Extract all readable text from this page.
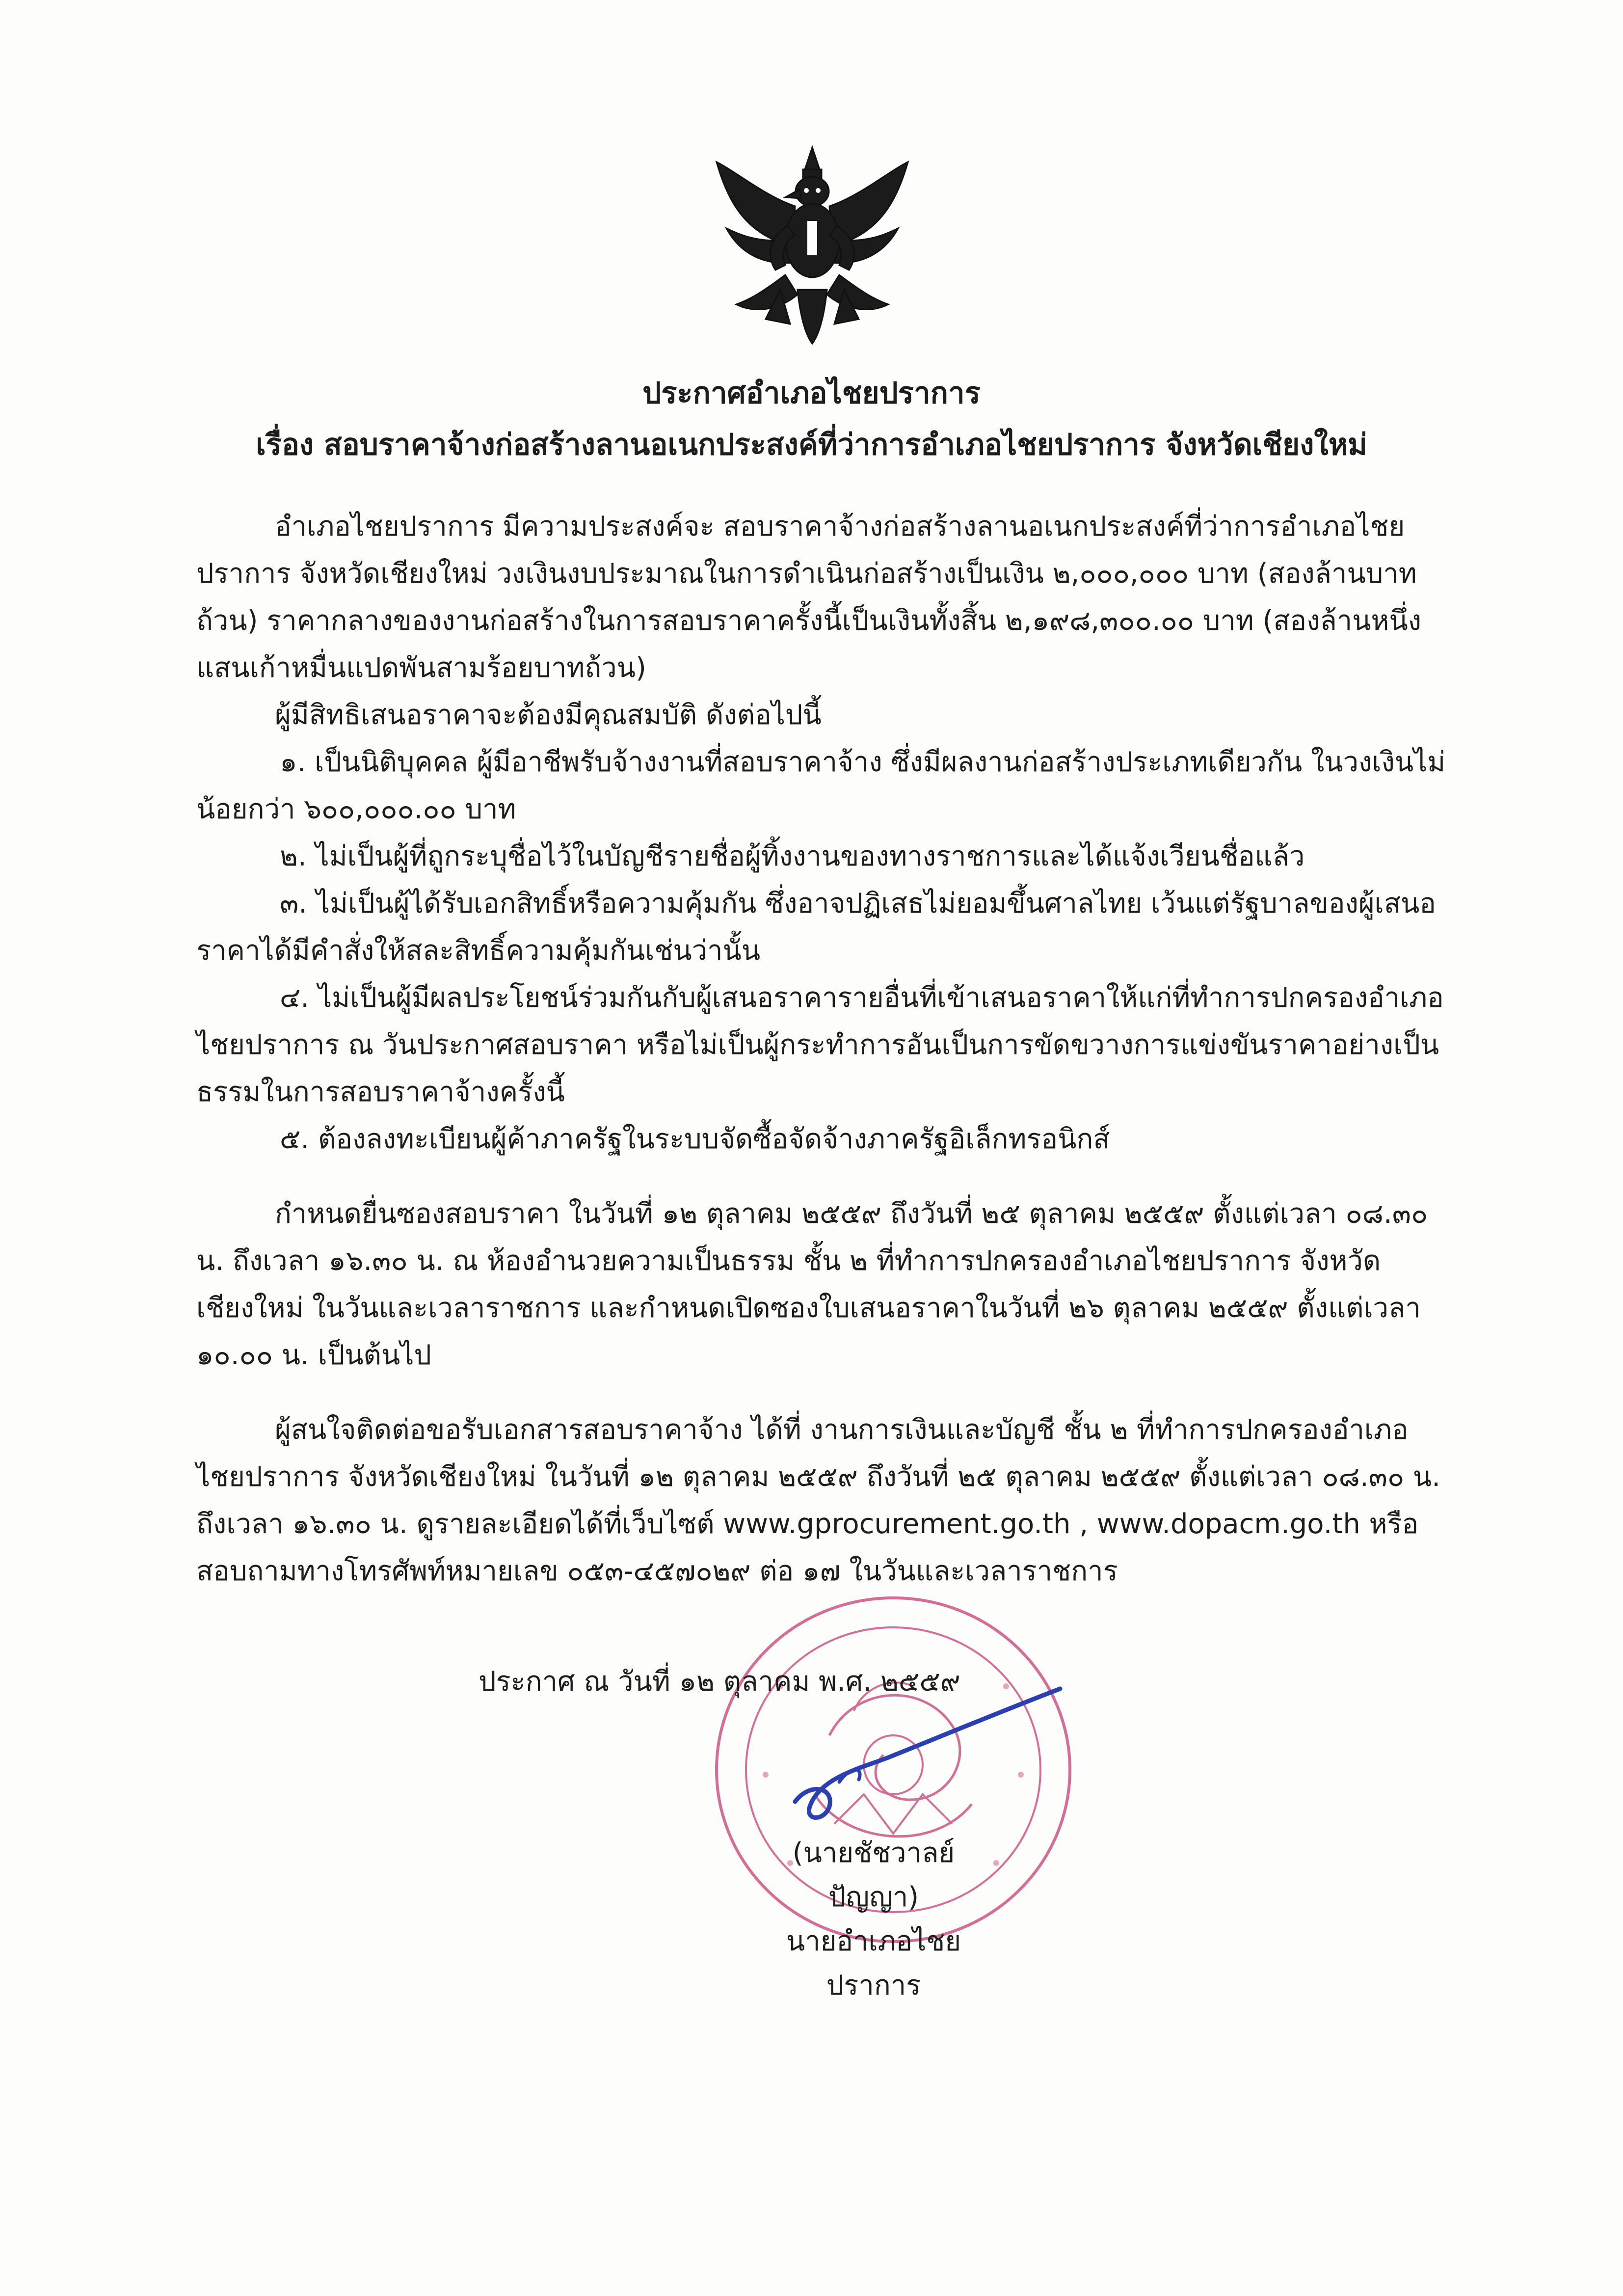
ประกาศอำเภอไชยปราการ
เรื่อง สอบราคาจ้างก่อสร้างลานอเนกประสงค์ที่ว่าการอำเภอไชยปราการ จังหวัดเชียงใหม่

อำเภอไชยปราการ มีความประสงค์จะ สอบราคาจ้างก่อสร้างลานอเนกประสงค์ที่ว่าการอำเภอไชยปราการ จังหวัดเชียงใหม่ วงเงินงบประมาณในการดำเนินก่อสร้างเป็นเงิน ๒,๐๐๐,๐๐๐ บาท (สองล้านบาทถ้วน) ราคากลางของงานก่อสร้างในการสอบราคาครั้งนี้เป็นเงินทั้งสิ้น ๒,๑๙๘,๓๐๐.๐๐ บาท (สองล้านหนึ่งแสนเก้าหมื่นแปดพันสามร้อยบาทถ้วน)

ผู้มีสิทธิเสนอราคาจะต้องมีคุณสมบัติ ดังต่อไปนี้

๑. เป็นนิติบุคคล ผู้มีอาชีพรับจ้างงานที่สอบราคาจ้าง ซึ่งมีผลงานก่อสร้างประเภทเดียวกัน ในวงเงินไม่น้อยกว่า ๖๐๐,๐๐๐.๐๐ บาท

๒. ไม่เป็นผู้ที่ถูกระบุชื่อไว้ในบัญชีรายชื่อผู้ทิ้งงานของทางราชการและได้แจ้งเวียนชื่อแล้ว

๓. ไม่เป็นผู้ได้รับเอกสิทธิ์หรือความคุ้มกัน ซึ่งอาจปฏิเสธไม่ยอมขึ้นศาลไทย เว้นแต่รัฐบาลของผู้เสนอราคาได้มีคำสั่งให้สละสิทธิ์ความคุ้มกันเช่นว่านั้น

๔. ไม่เป็นผู้มีผลประโยชน์ร่วมกันกับผู้เสนอราคารายอื่นที่เข้าเสนอราคาให้แก่ที่ทำการปกครองอำเภอไชยปราการ ณ วันประกาศสอบราคา หรือไม่เป็นผู้กระทำการอันเป็นการขัดขวางการแข่งขันราคาอย่างเป็นธรรมในการสอบราคาจ้างครั้งนี้

๕. ต้องลงทะเบียนผู้ค้าภาครัฐในระบบจัดซื้อจัดจ้างภาครัฐอิเล็กทรอนิกส์

กำหนดยื่นซองสอบราคา ในวันที่ ๑๒ ตุลาคม ๒๕๕๙ ถึงวันที่ ๒๕ ตุลาคม ๒๕๕๙ ตั้งแต่เวลา ๐๘.๓๐ น. ถึงเวลา ๑๖.๓๐ น. ณ ห้องอำนวยความเป็นธรรม ชั้น ๒ ที่ทำการปกครองอำเภอไชยปราการ จังหวัดเชียงใหม่ ในวันและเวลาราชการ และกำหนดเปิดซองใบเสนอราคาในวันที่ ๒๖ ตุลาคม ๒๕๕๙ ตั้งแต่เวลา ๑๐.๐๐ น. เป็นต้นไป

ผู้สนใจติดต่อขอรับเอกสารสอบราคาจ้าง ได้ที่ งานการเงินและบัญชี ชั้น ๒ ที่ทำการปกครองอำเภอไชยปราการ จังหวัดเชียงใหม่ ในวันที่ ๑๒ ตุลาคม ๒๕๕๙ ถึงวันที่ ๒๕ ตุลาคม ๒๕๕๙ ตั้งแต่เวลา ๐๘.๓๐ น. ถึงเวลา ๑๖.๓๐ น. ดูรายละเอียดได้ที่เว็บไซต์ www.gprocurement.go.th , www.dopacm.go.th หรือสอบถามทางโทรศัพท์หมายเลข ๐๕๓-๔๕๗๐๒๙ ต่อ ๑๗ ในวันและเวลาราชการ

ประกาศ ณ วันที่ ๑๒ ตุลาคม พ.ศ. ๒๕๕๙
(นายชัชวาลย์ ปัญญา)
นายอำเภอไชยปราการ
